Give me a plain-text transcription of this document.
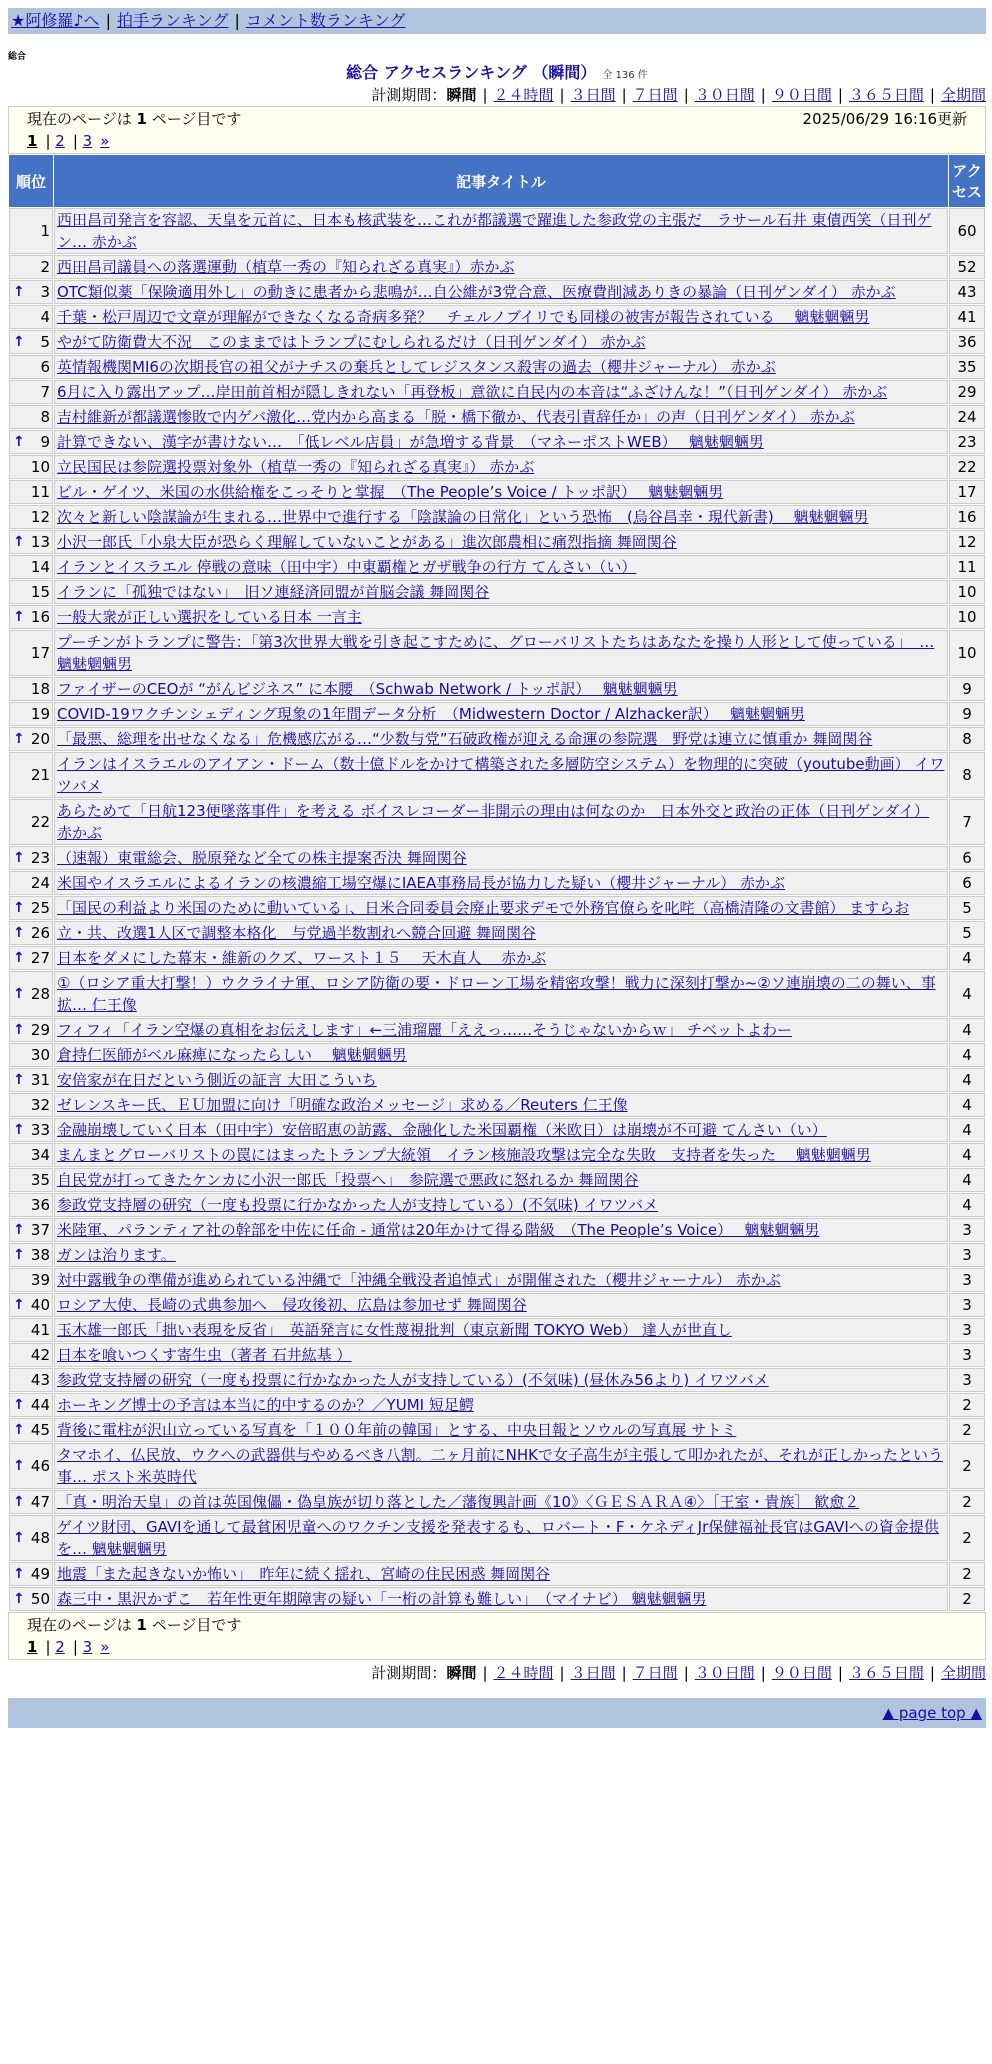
★阿修羅♪へ | 拍手ランキング | コメント数ランキング
総合
総合 アクセスランキング （瞬間） 全 136 件
計測期間：瞬間 | ２４時間 | ３日間 | ７日間 | ３０日間 | ９０日間 | ３６５日間 | 全期間
現在のページは 1 ページ目です	2025/06/29 16:16更新
1 | 2 | 3 »
順位	記事タイトル	アクセス
1	西田昌司発言を容認、天皇を元首に、日本も核武装を…これが都議選で躍進した参政党の主張だ　ラサール石井 東債西笑（日刊ゲン… 赤かぶ	60
2	西田昌司議員への落選運動（植草一秀の『知られざる真実』）赤かぶ	52

↑ 3	OTC類似薬「保険適用外し」の動きに患者から悲鳴が…自公維が3党合意、医療費削減ありきの暴論（日刊ゲンダイ） 赤かぶ	43
4	千葉・松戸周辺で文章が理解ができなくなる奇病多発？　チェルノブイリでも同様の被害が報告されている　 魑魅魍魎男	41

↑ 5	やがて防衛費大不況　このままではトランプにむしられるだけ（日刊ゲンダイ） 赤かぶ	36
6	英情報機関MI6の次期長官の祖父がナチスの棄兵としてレジスタンス殺害の過去（櫻井ジャーナル） 赤かぶ	35
7	6月に入り露出アップ…岸田前首相が隠しきれない「再登板」意欲に自民内の本音は“ふざけんな！”（日刊ゲンダイ） 赤かぶ	29
8	吉村維新が都議選惨敗で内ゲバ激化…党内から高まる「脱・橋下徹か、代表引責辞任か」の声（日刊ゲンダイ） 赤かぶ	24

↑ 9	計算できない、漢字が書けない…　「低レベル店員」が急増する背景　（マネーポストWEB）　 魑魅魍魎男	23
10	立民国民は参院選投票対象外（植草一秀の『知られざる真実』） 赤かぶ	22
11	ビル・ゲイツ、米国の水供給権をこっそりと掌握　（The People’s Voice / トッポ訳）　 魑魅魍魎男	17
12	次々と新しい陰謀論が生まれる…世界中で進行する「陰謀論の日常化」という恐怖　(烏谷昌幸・現代新書)　 魑魅魍魎男	16

↑ 13	小沢一郎氏「小泉大臣が恐らく理解していないことがある」進次郎農相に痛烈指摘 舞岡関谷	12
14	イランとイスラエル 停戦の意味（田中宇）中東覇権とガザ戦争の行方 てんさい（い）	11
15	イランに「孤独ではない」　旧ソ連経済同盟が首脳会議 舞岡関谷	10

↑ 16	一般大衆が正しい選択をしている日本 一言主	10
17	プーチンがトランプに警告：「第3次世界大戦を引き起こすために、グローバリストたちはあなたを操り人形として使っている」　… 魑魅魍魎男	10
18	ファイザーのCEOが “がんビジネス” に本腰　（Schwab Network / トッポ訳）　 魑魅魍魎男	9
19	COVID-19ワクチンシェディング現象の1年間データ分析　（Midwestern Doctor / Alzhacker訳）　 魑魅魍魎男	9

↑ 20	「最悪、総理を出せなくなる」危機感広がる…“少数与党”石破政権が迎える命運の参院選　野党は連立に慎重か 舞岡関谷	8
21	イランはイスラエルのアイアン・ドーム（数十億ドルをかけて構築された多層防空システム）を物理的に突破（youtube動画） イワツバメ	8
22	あらためて「日航123便墜落事件」を考える ボイスレコーダー非開示の理由は何なのか　日本外交と政治の正体（日刊ゲンダイ） 赤かぶ	7

↑ 23	（速報）東電総会、脱原発など全ての株主提案否決 舞岡関谷	6
24	米国やイスラエルによるイランの核濃縮工場空爆にIAEA事務局長が協力した疑い（櫻井ジャーナル） 赤かぶ	6

↑ 25	「国民の利益より米国のために動いている」、日米合同委員会廃止要求デモで外務官僚らを叱咤（高橋清隆の文書館） ますらお	5

↑ 26	立・共、改選1人区で調整本格化　与党過半数割れへ競合回避 舞岡関谷	5

↑ 27	日本をダメにした幕末・維新のクズ、ワースト１５　 天木直人　 赤かぶ	4

↑ 28	①（ロシア重大打撃！）ウクライナ軍、ロシア防衛の要・ドローン工場を精密攻撃！戦力に深刻打撃か~②ソ連崩壊の二の舞い、事拡… 仁王像	4

↑ 29	フィフィ「イラン空爆の真相をお伝えします」←三浦瑠麗「ええっ……そうじゃないからｗ」 チベットよわー	4
30	倉持仁医師がベル麻痺になったらしい　 魑魅魍魎男	4

↑ 31	安倍家が在日だという側近の証言 大田こういち	4
32	ゼレンスキー氏、ＥＵ加盟に向け「明確な政治メッセージ」求める／Reuters 仁王像	4

↑ 33	金融崩壊していく日本（田中宇）安倍昭恵の訪露、金融化した米国覇権（米欧日）は崩壊が不可避 てんさい（い）	4
34	まんまとグローバリストの罠にはまったトランプ大統領　イラン核施設攻撃は完全な失敗　支持者を失った　 魑魅魍魎男	4
35	自民党が打ってきたケンカに小沢一郎氏「投票へ」　参院選で悪政に怒れるか 舞岡関谷	4
36	参政党支持層の研究（一度も投票に行かなかった人が支持している）(不気味) イワツバメ	4

↑ 37	米陸軍、パランティア社の幹部を中佐に任命 - 通常は20年かけて得る階級　（The People’s Voice）　 魑魅魍魎男	3

↑ 38	ガンは治ります。	3
39	対中露戦争の準備が進められている沖縄で「沖縄全戦没者追悼式」が開催された（櫻井ジャーナル） 赤かぶ	3

↑ 40	ロシア大使、長崎の式典参加へ　侵攻後初、広島は参加せず 舞岡関谷	3
41	玉木雄一郎氏「拙い表現を反省」　英語発言に女性蔑視批判（東京新聞 TOKYO Web） 達人が世直し	3
42	日本を喰いつくす寄生虫（著者 石井紘基 ）	3
43	参政党支持層の研究（一度も投票に行かなかった人が支持している）(不気味) (昼休み56より) イワツバメ	3

↑ 44	ホーキング博士の予言は本当に的中するのか？／YUMI 短足鰐	2

↑ 45	背後に電柱が沢山立っている写真を「１００年前の韓国」とする、中央日報とソウルの写真展 サトミ	2

↑ 46	タマホイ、仏民放、ウクへの武器供与やめるべき八割。二ヶ月前にNHKで女子高生が主張して叩かれたが、それが正しかったという事… ポスト米英時代	2

↑ 47	「真・明治天皇」の首は英国傀儡・偽皇族が切り落とした／藩復興計画《10》〈ＧＥＳＡＲＡ④〉［王室・貴族］ 歓愈２	2

↑ 48	ゲイツ財団、GAVIを通して最貧困児童へのワクチン支援を発表するも、ロバート・F・ケネディJr保健福祉長官はGAVIへの資金提供を… 魑魅魍魎男	2

↑ 49	地震「また起きないか怖い」　昨年に続く揺れ、宮崎の住民困惑 舞岡関谷	2

↑ 50	森三中・黒沢かずこ　若年性更年期障害の疑い「一桁の計算も難しい」　（マイナビ） 魑魅魍魎男	2
現在のページは 1 ページ目です
1 | 2 | 3 »
計測期間：瞬間 | ２４時間 | ３日間 | ７日間 | ３０日間 | ９０日間 | ３６５日間 | 全期間
▲ page top ▲
